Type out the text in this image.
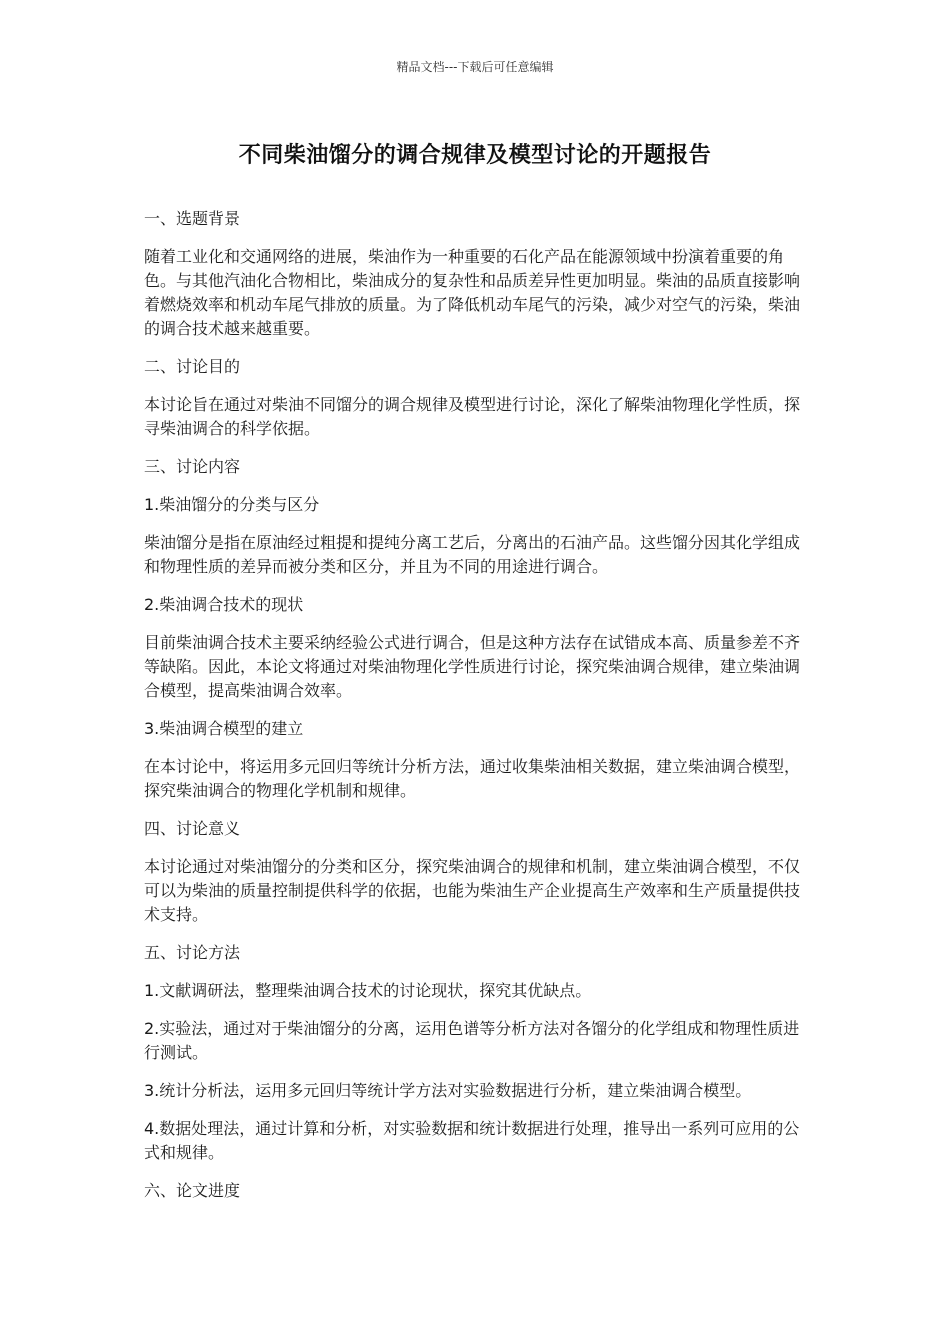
精品文档---下载后可任意编辑
不同柴油馏分的调合规律及模型讨论的开题报告

一、选题背景

随着工业化和交通网络的进展，柴油作为一种重要的石化产品在能源领域中扮演着重要的角色。与其他汽油化合物相比，柴油成分的复杂性和品质差异性更加明显。柴油的品质直接影响着燃烧效率和机动车尾气排放的质量。为了降低机动车尾气的污染，减少对空气的污染，柴油的调合技术越来越重要。

二、讨论目的

本讨论旨在通过对柴油不同馏分的调合规律及模型进行讨论，深化了解柴油物理化学性质，探寻柴油调合的科学依据。

三、讨论内容

1.柴油馏分的分类与区分

柴油馏分是指在原油经过粗提和提纯分离工艺后，分离出的石油产品。这些馏分因其化学组成和物理性质的差异而被分类和区分，并且为不同的用途进行调合。

2.柴油调合技术的现状

目前柴油调合技术主要采纳经验公式进行调合，但是这种方法存在试错成本高、质量参差不齐等缺陷。因此，本论文将通过对柴油物理化学性质进行讨论，探究柴油调合规律，建立柴油调合模型，提高柴油调合效率。

3.柴油调合模型的建立

在本讨论中，将运用多元回归等统计分析方法，通过收集柴油相关数据，建立柴油调合模型，探究柴油调合的物理化学机制和规律。

四、讨论意义

本讨论通过对柴油馏分的分类和区分，探究柴油调合的规律和机制，建立柴油调合模型，不仅可以为柴油的质量控制提供科学的依据，也能为柴油生产企业提高生产效率和生产质量提供技术支持。

五、讨论方法

1.文献调研法，整理柴油调合技术的讨论现状，探究其优缺点。

2.实验法，通过对于柴油馏分的分离，运用色谱等分析方法对各馏分的化学组成和物理性质进行测试。

3.统计分析法，运用多元回归等统计学方法对实验数据进行分析，建立柴油调合模型。

4.数据处理法，通过计算和分析，对实验数据和统计数据进行处理，推导出一系列可应用的公式和规律。

六、论文进度
